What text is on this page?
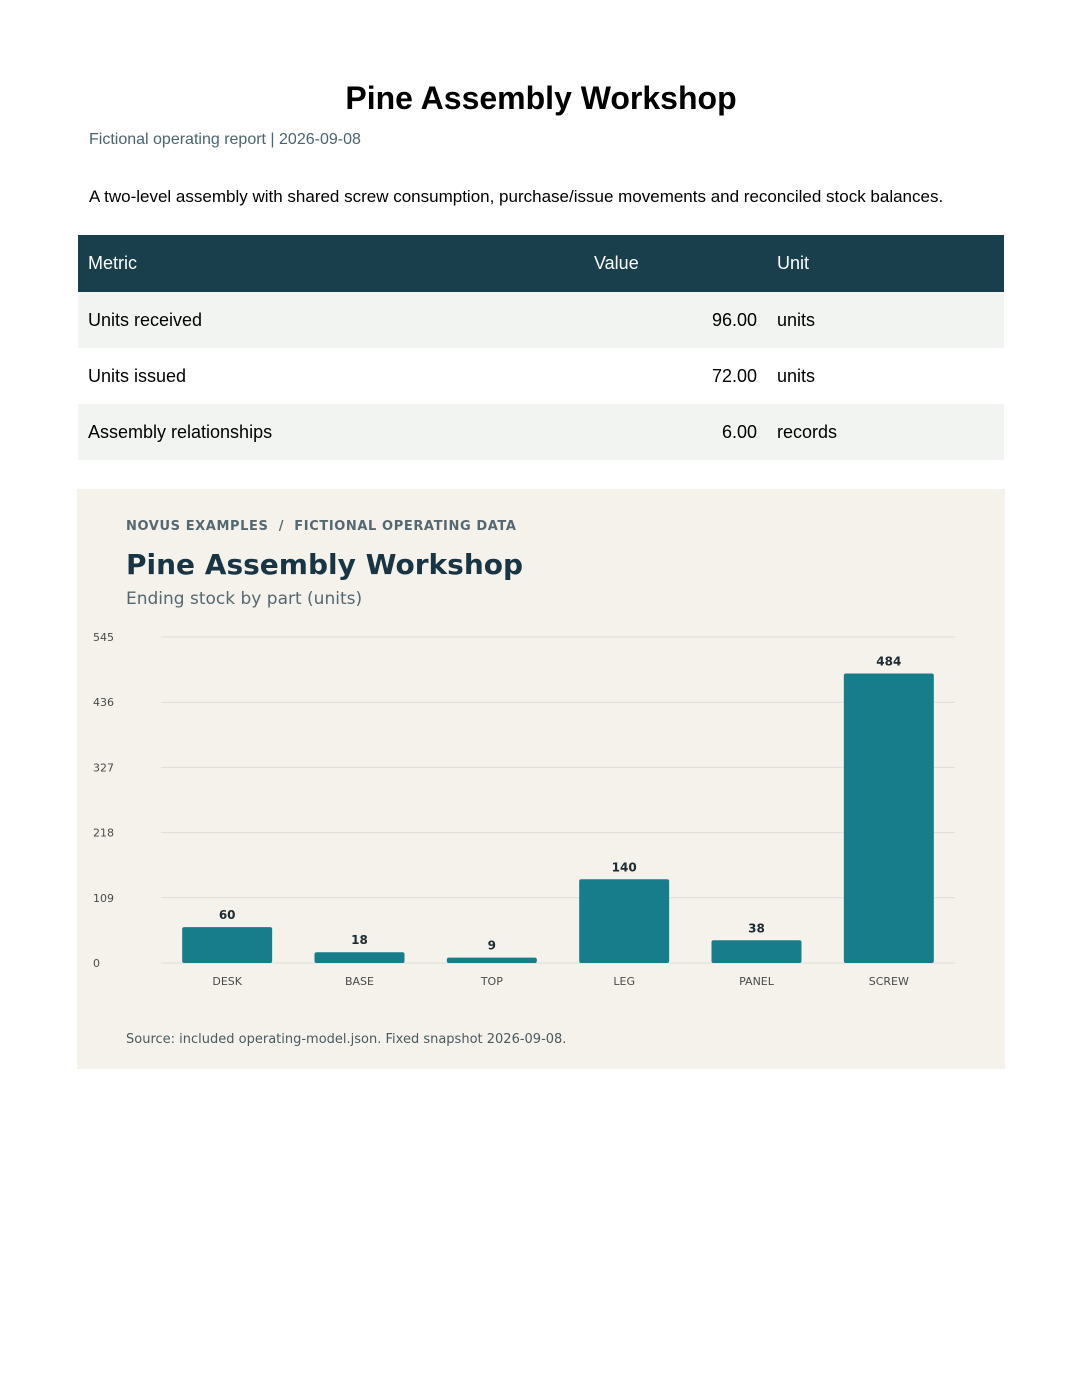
Pine Assembly Workshop
Fictional operating report | 2026-09-08
A two-level assembly with shared screw consumption, purchase/issue movements and reconciled stock balances.
Metric	Value	Unit
Units received	96.00	units
Units issued	72.00	units
Assembly relationships	6.00	records
NOVUS EXAMPLES  /  FICTIONAL OPERATING DATA
Pine Assembly Workshop
Ending stock by part (units)
0
109
218
327
436
545
60
18	9
140
38
484
DESK	BASE	TOP	LEG	PANEL	SCREW
Source: included operating-model.json. Fixed snapshot 2026-09-08.
